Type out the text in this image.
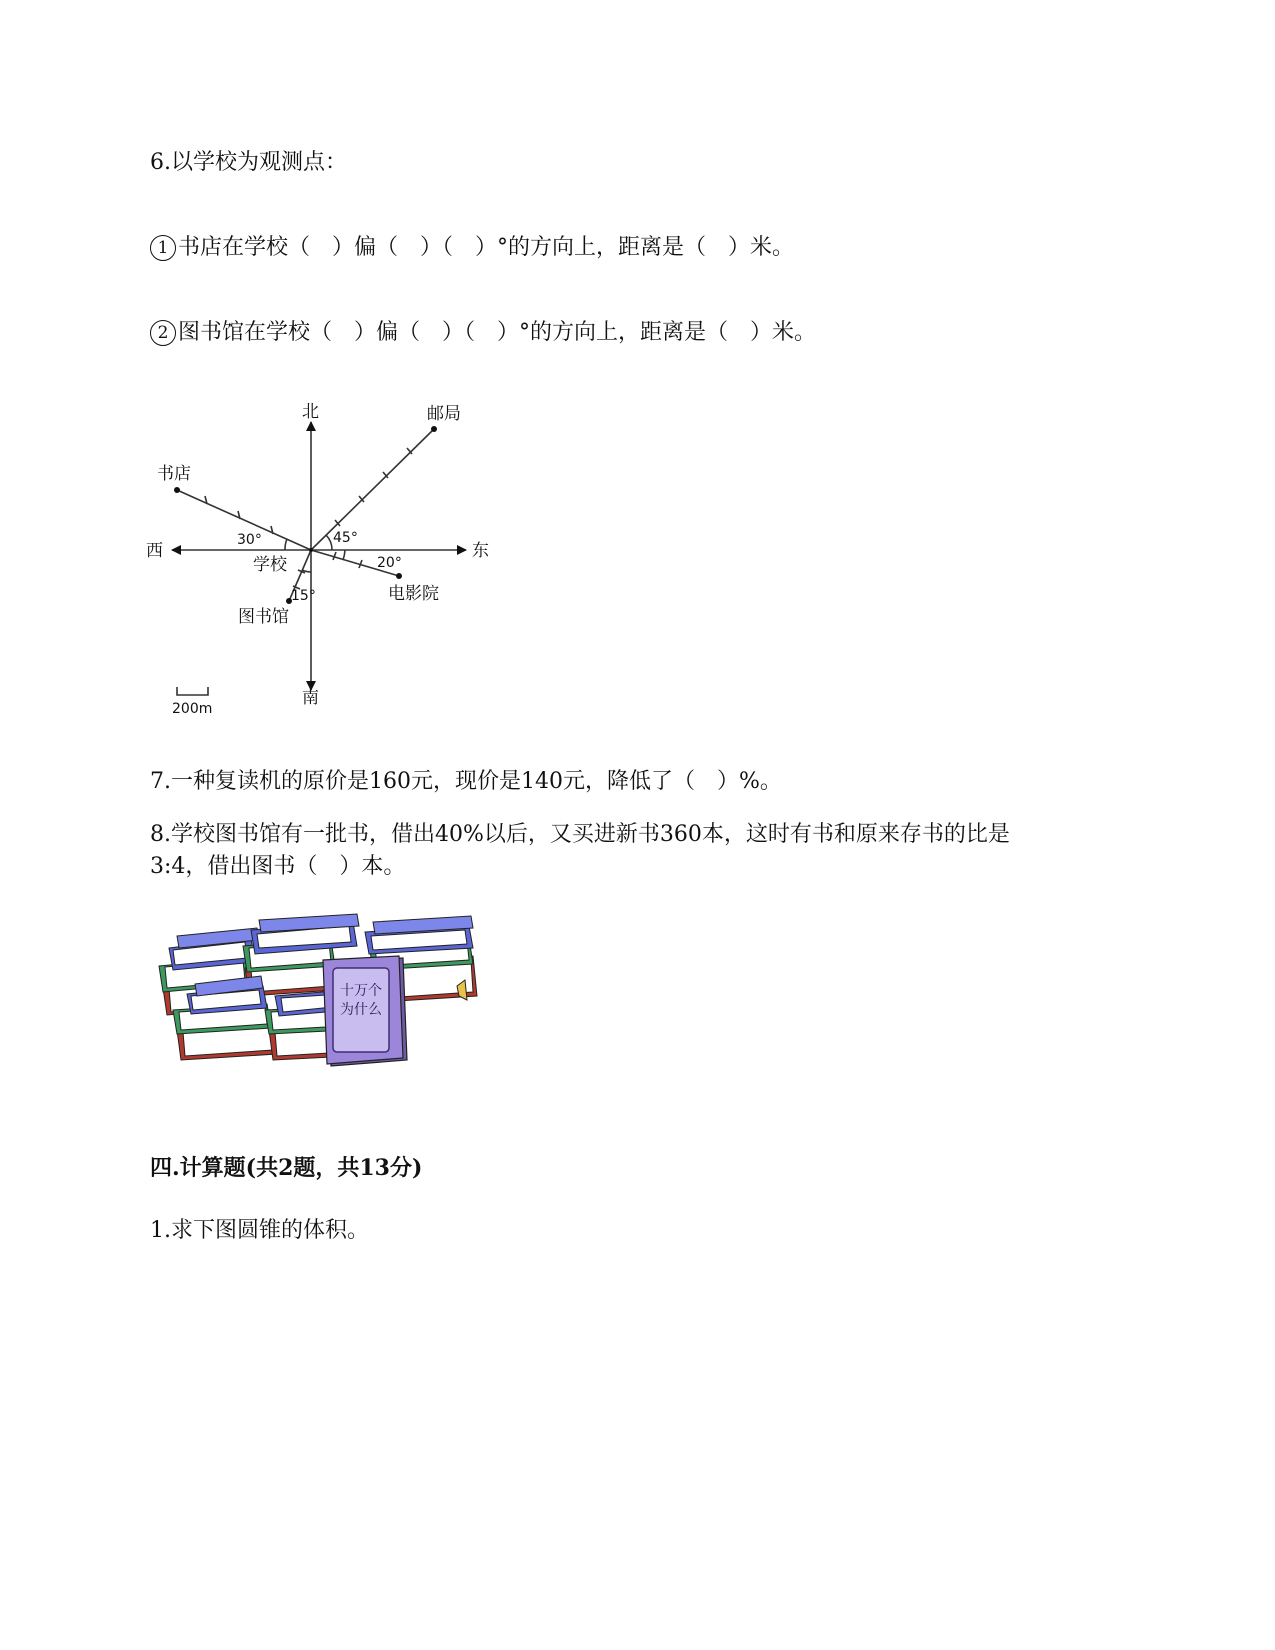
6.以学校为观测点：
1 书店在学校（　）偏（　）（　）°的方向上，距离是（　）米。
2 图书馆在学校（　）偏（　）（　）°的方向上，距离是（　）米。
北
南
东
西
邮局
书店
学校
电影院
图书馆
30°	45°
20°
15°
200m
7.一种复读机的原价是160元，现价是140元，降低了（　）%。
8.学校图书馆有一批书，借出40%以后，又买进新书360本，这时有书和原来存书的比是
3:4，借出图书（　）本。
十万个
为什么
四.计算题(共2题，共13分)
1.求下图圆锥的体积。
